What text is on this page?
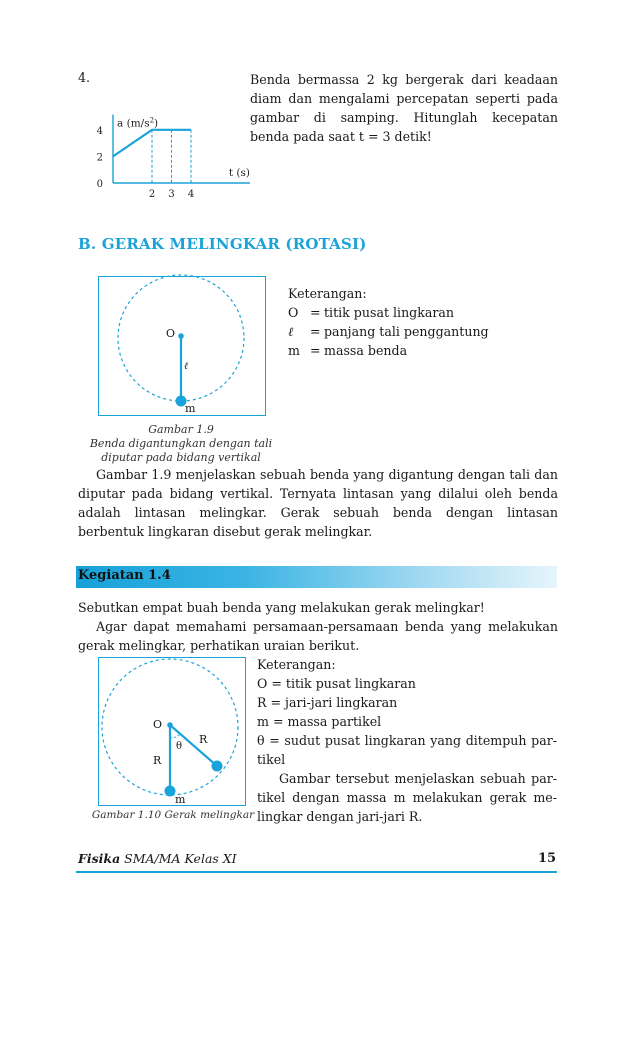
4.
2 3 4
2
4
0
a $(m/s^2)$
t (s)
Benda bermassa 2 kg bergerak dari keadaan diam dan mengalami percepatan seperti pada gambar di samping. Hitunglah kecepatan benda pada saat t = 3 detik!
B. GERAK MELINGKAR (ROTASI)
O
ℓ
m
Gambar 1.9
Benda digantungkan dengan tali
diputar pada bidang vertikal
Keterangan:
O = titik pusat lingkaran
ℓ	= panjang tali penggantung
m = massa benda
Gambar 1.9 menjelaskan sebuah benda yang digantung dengan tali dan diputar pada bidang vertikal. Ternyata lintasan yang dilalui oleh benda adalah lintasan melingkar. Gerak sebuah benda dengan lintasan berbentuk lingkaran disebut gerak melingkar.
Kegiatan 1.4
Sebutkan empat buah benda yang melakukan gerak melingkar!
Agar dapat memahami persamaan-persamaan benda yang melakukan gerak melingkar, perhatikan uraian berikut.
O
R
R
θ
m
Gambar 1.10 Gerak melingkar
Keterangan:
O = titik pusat lingkaran
R = jari-jari lingkaran
m = massa partikel
θ = sudut pusat lingkaran yang ditempuh par-
tikel
Gambar tersebut menjelaskan sebuah par-
tikel dengan massa m melakukan gerak me-
lingkar dengan jari-jari R.
Fisika SMA/MA Kelas XI	15
